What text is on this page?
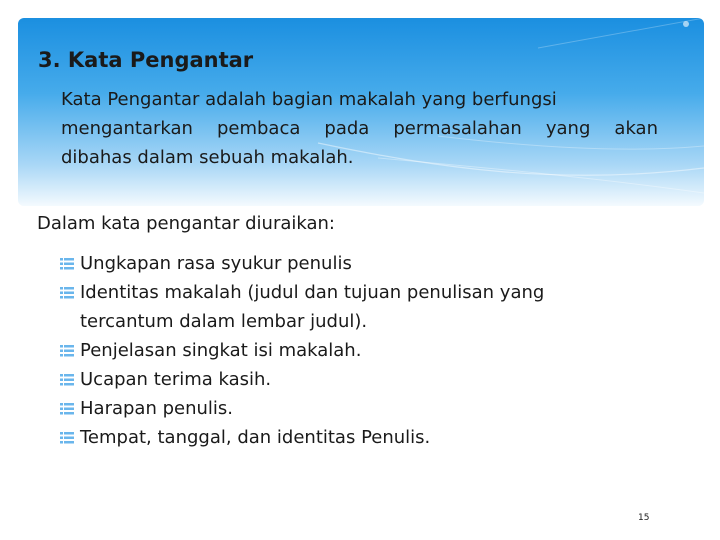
3. Kata Pengantar
Kata Pengantar adalah bagian makalah yang berfungsi
mengantarkan pembaca pada permasalahan yang akan
dibahas dalam sebuah makalah.
Dalam kata pengantar diuraikan:
Ungkapan rasa syukur penulis
Identitas makalah (judul dan tujuan penulisan yang
tercantum dalam lembar judul).
Penjelasan singkat isi makalah.
Ucapan terima kasih.
Harapan penulis.
Tempat, tanggal, dan identitas Penulis.
15
